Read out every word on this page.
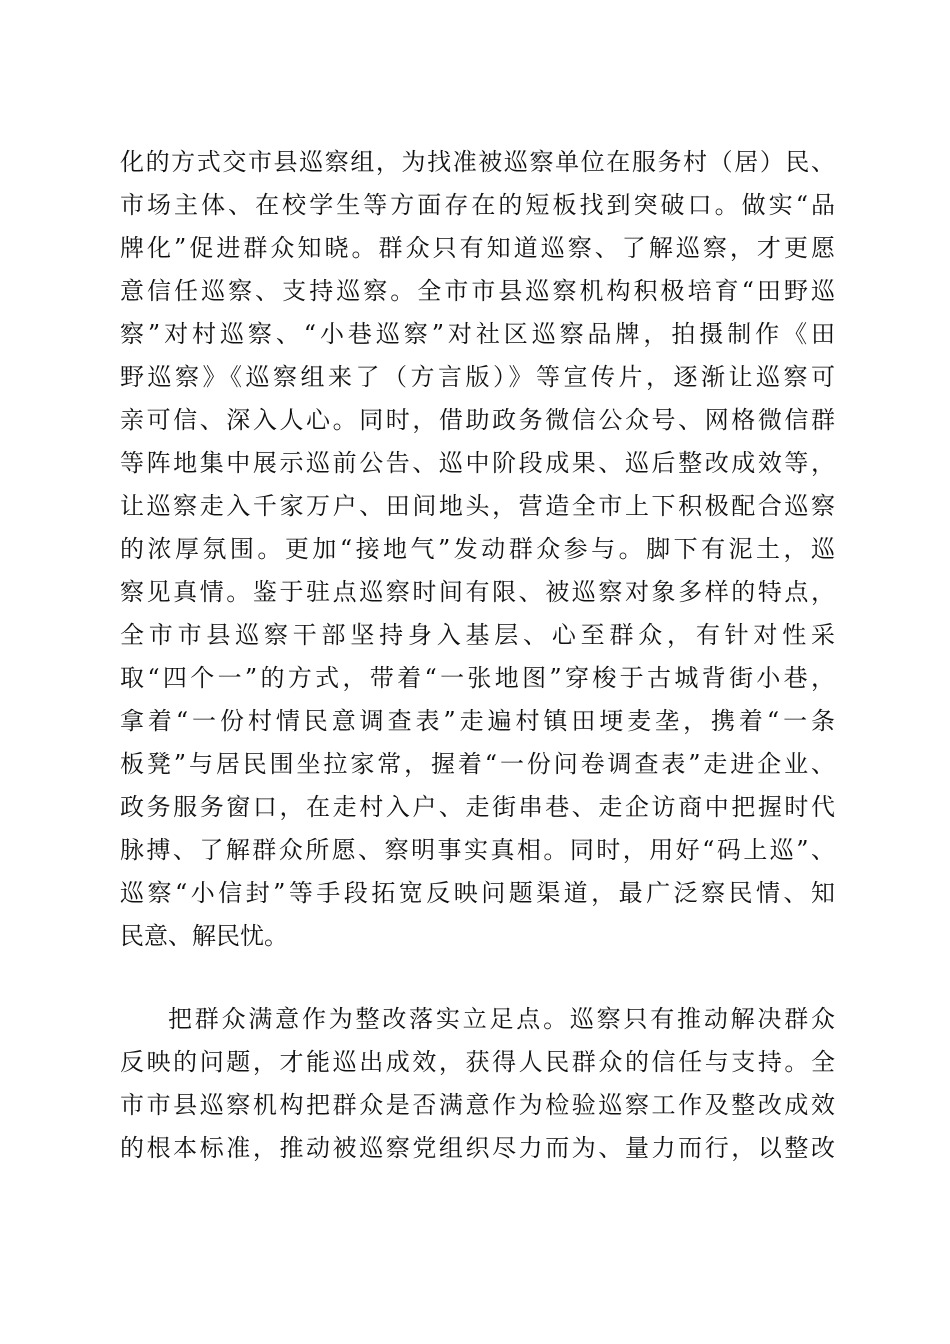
化的方式交市县巡察组，为找准被巡察单位在服务村（居）民、
市场主体、在校学生等方面存在的短板找到突破口。做实“品
牌化”促进群众知晓。群众只有知道巡察、了解巡察，才更愿
意信任巡察、支持巡察。全市市县巡察机构积极培育“田野巡
察”对村巡察、“小巷巡察”对社区巡察品牌，拍摄制作《田
野巡察》《巡察组来了（方言版）》等宣传片，逐渐让巡察可
亲可信、深入人心。同时，借助政务微信公众号、网格微信群
等阵地集中展示巡前公告、巡中阶段成果、巡后整改成效等，
让巡察走入千家万户、田间地头，营造全市上下积极配合巡察
的浓厚氛围。更加“接地气”发动群众参与。脚下有泥土，巡
察见真情。鉴于驻点巡察时间有限、被巡察对象多样的特点，
全市市县巡察干部坚持身入基层、心至群众，有针对性采
取“四个一”的方式，带着“一张地图”穿梭于古城背街小巷，
拿着“一份村情民意调查表”走遍村镇田埂麦垄，携着“一条
板凳”与居民围坐拉家常，握着“一份问卷调查表”走进企业、
政务服务窗口，在走村入户、走街串巷、走企访商中把握时代
脉搏、了解群众所愿、察明事实真相。同时，用好“码上巡”、
巡察“小信封”等手段拓宽反映问题渠道，最广泛察民情、知
民意、解民忧。
把群众满意作为整改落实立足点。巡察只有推动解决群众
反映的问题，才能巡出成效，获得人民群众的信任与支持。全
市市县巡察机构把群众是否满意作为检验巡察工作及整改成效
的根本标准，推动被巡察党组织尽力而为、量力而行，以整改
